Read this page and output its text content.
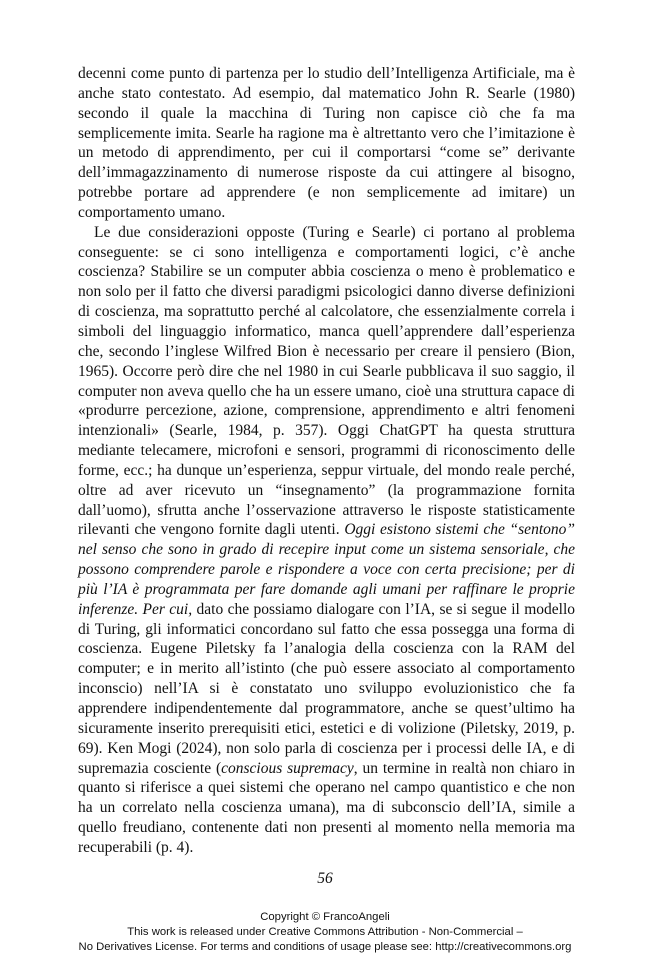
decenni come punto di partenza per lo studio dell’Intelligenza Artificiale, ma è anche stato contestato. Ad esempio, dal matematico John R. Searle (1980) secondo il quale la macchina di Turing non capisce ciò che fa ma semplicemente imita. Searle ha ragione ma è altrettanto vero che l’imitazione è un metodo di apprendimento, per cui il comportarsi “come se” derivante dell’immagazzinamento di numerose risposte da cui attingere al bisogno, potrebbe portare ad apprendere (e non semplicemente ad imitare) un comportamento umano.

Le due considerazioni opposte (Turing e Searle) ci portano al problema conseguente: se ci sono intelligenza e comportamenti logici, c’è anche coscienza? Stabilire se un computer abbia coscienza o meno è problematico e non solo per il fatto che diversi paradigmi psicologici danno diverse definizioni di coscienza, ma soprattutto perché al calcolatore, che essenzialmente correla i simboli del linguaggio informatico, manca quell’apprendere dall’esperienza che, secondo l’inglese Wilfred Bion è necessario per creare il pensiero (Bion, 1965). Occorre però dire che nel 1980 in cui Searle pubblicava il suo saggio, il computer non aveva quello che ha un essere umano, cioè una struttura capace di «produrre percezione, azione, comprensione, apprendimento e altri fenomeni intenzionali» (Searle, 1984, p. 357). Oggi ChatGPT ha questa struttura mediante telecamere, microfoni e sensori, programmi di riconoscimento delle forme, ecc.; ha dunque un’esperienza, seppur virtuale, del mondo reale perché, oltre ad aver ricevuto un “insegnamento” (la programmazione fornita dall’uomo), sfrutta anche l’osservazione attraverso le risposte statisticamente rilevanti che vengono fornite dagli utenti. Oggi esistono sistemi che “sentono” nel senso che sono in grado di recepire input come un sistema sensoriale, che possono comprendere parole e rispondere a voce con certa precisione; per di più l’IA è programmata per fare domande agli umani per raffinare le proprie inferenze. Per cui, dato che possiamo dialogare con l’IA, se si segue il modello di Turing, gli informatici concordano sul fatto che essa possegga una forma di coscienza. Eugene Piletsky fa l’analogia della coscienza con la RAM del computer; e in merito all’istinto (che può essere associato al comportamento inconscio) nell’IA si è constatato uno sviluppo evoluzionistico che fa apprendere indipendentemente dal programmatore, anche se quest’ultimo ha sicuramente inserito prerequisiti etici, estetici e di volizione (Piletsky, 2019, p. 69). Ken Mogi (2024), non solo parla di coscienza per i processi delle IA, e di supremazia cosciente (conscious supremacy, un termine in realtà non chiaro in quanto si riferisce a quei sistemi che operano nel campo quantistico e che non ha un correlato nella coscienza umana), ma di subconscio dell’IA, simile a quello freudiano, contenente dati non presenti al momento nella memoria ma recuperabili (p. 4).

56
Copyright © FrancoAngeli
This work is released under Creative Commons Attribution - Non-Commercial –
No Derivatives License. For terms and conditions of usage please see: http://creativecommons.org
